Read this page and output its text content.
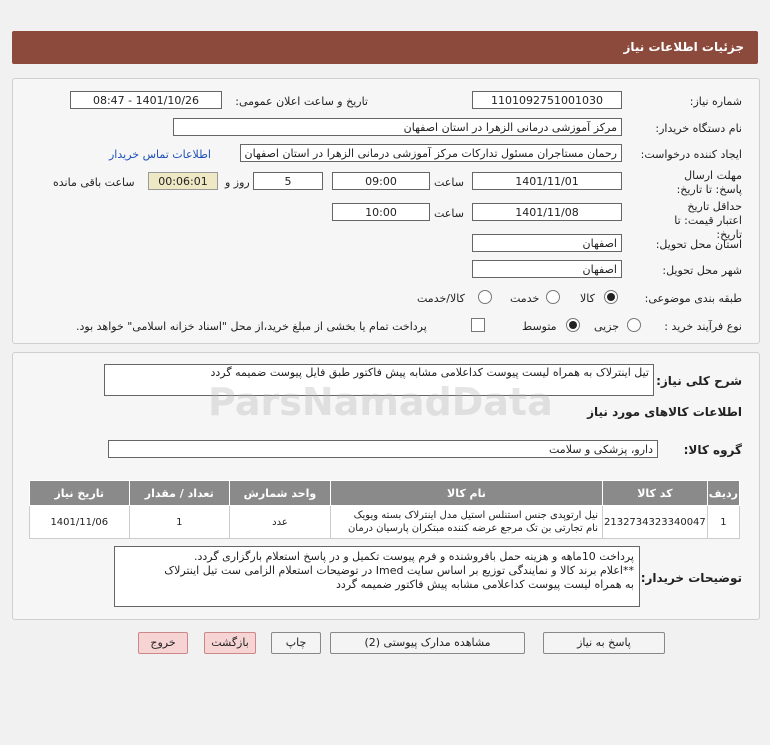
جزئیات اطلاعات نیاز
شماره نیاز:
1101092751001030
تاریخ و ساعت اعلان عمومی:
1401/10/26 - 08:47
نام دستگاه خریدار:
مرکز آموزشی درمانی الزهرا در استان اصفهان
ایجاد کننده درخواست:
رحمان مستاجران مسئول تدارکات مرکز آموزشی درمانی الزهرا در استان اصفهان
اطلاعات تماس خریدار
مهلت ارسال پاسخ: تا تاریخ:
1401/11/01
ساعت
09:00
5
روز و
00:06:01
ساعت باقی مانده
حداقل تاریخ اعتبار قیمت: تا تاریخ:
1401/11/08
ساعت
10:00
استان محل تحویل:
اصفهان
شهر محل تحویل:
اصفهان
طبقه بندی موضوعی:
کالا
خدمت
کالا/خدمت
نوع فرآیند خرید :
جزیی
متوسط
پرداخت تمام یا بخشی از مبلغ خرید،از محل "اسناد خزانه اسلامی" خواهد بود.
شرح کلی نیاز:
تیل اینترلاک به همراه لیست پیوست کداعلامی مشابه پیش فاکتور طبق فایل پیوست ضمیمه گردد
اطلاعات کالاهای مورد نیاز
گروه کالا:
دارو، پزشکی و سلامت
ردیف	کد کالا	نام کالا	واحد شمارش	تعداد / مقدار	تاریخ نیاز
1	2132734323340047	نیل ارتوپدی جنس استنلس استیل مدل اینترلاک بسته ویویک
نام تجارتی بن تک مرجع عرضه کننده مبتکران پارسیان درمان	عدد	1	1401/11/06
توضیحات خریدار:
پرداخت 10ماهه و هزینه حمل بافروشنده و فرم پیوست تکمیل و در پاسخ استعلام بارگزاری گردد.
**اعلام برند کالا و نمایندگی توزیع بر اساس سایت Imed در توضیحات استعلام الزامی ست تیل اینترلاک
به همراه لیست پیوست کداعلامی مشابه پیش فاکتور ضمیمه گردد
پاسخ به نیاز
مشاهده مدارک پیوستی (2)
چاپ
بازگشت
خروج
ParsNamadData
